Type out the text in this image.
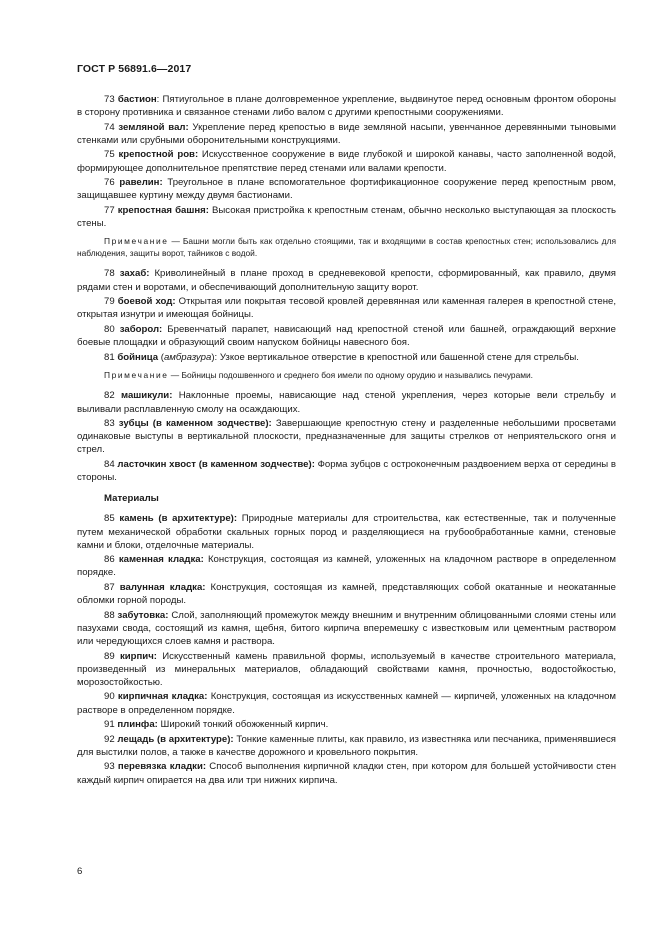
ГОСТ Р 56891.6—2017

73 бастион: Пятиугольное в плане долговременное укрепление, выдвинутое перед основным фронтом обороны в сторону противника и связанное стенами либо валом с другими крепостными сооружениями.

74 земляной вал: Укрепление перед крепостью в виде земляной насыпи, увенчанное деревянными тыновыми стенками или срубными оборонительными конструкциями.

75 крепостной ров: Искусственное сооружение в виде глубокой и широкой канавы, часто заполненной водой, формирующее дополнительное препятствие перед стенами или валами крепости.

76 равелин: Треугольное в плане вспомогательное фортификационное сооружение перед крепостным рвом, защищавшее куртину между двумя бастионами.

77 крепостная башня: Высокая пристройка к крепостным стенам, обычно несколько выступающая за плоскость стены.

Примечание — Башни могли быть как отдельно стоящими, так и входящими в состав крепостных стен; использовались для наблюдения, защиты ворот, тайников с водой.

78 захаб: Криволинейный в плане проход в средневековой крепости, сформированный, как правило, двумя рядами стен и воротами, и обеспечивающий дополнительную защиту ворот.

79 боевой ход: Открытая или покрытая тесовой кровлей деревянная или каменная галерея в крепостной стене, открытая изнутри и имеющая бойницы.

80 заборол: Бревенчатый парапет, нависающий над крепостной стеной или башней, ограждающий верхние боевые площадки и образующий своим напуском бойницы навесного боя.

81 бойница (амбразура): Узкое вертикальное отверстие в крепостной или башенной стене для стрельбы.

Примечание — Бойницы подошвенного и среднего боя имели по одному орудию и назывались печурами.

82 машикули: Наклонные проемы, нависающие над стеной укрепления, через которые вели стрельбу и выливали расплавленную смолу на осаждающих.

83 зубцы (в каменном зодчестве): Завершающие крепостную стену и разделенные небольшими просветами одинаковые выступы в вертикальной плоскости, предназначенные для защиты стрелков от неприятельского огня и стрел.

84 ласточкин хвост (в каменном зодчестве): Форма зубцов с остроконечным раздвоением верха от середины в стороны.

Материалы

85 камень (в архитектуре): Природные материалы для строительства, как естественные, так и полученные путем механической обработки скальных горных пород и разделяющиеся на грубообработанные камни, стеновые камни и блоки, отделочные материалы.

86 каменная кладка: Конструкция, состоящая из камней, уложенных на кладочном растворе в определенном порядке.

87 валунная кладка: Конструкция, состоящая из камней, представляющих собой окатанные и неокатанные обломки горной породы.

88 забутовка: Слой, заполняющий промежуток между внешним и внутренним облицованными слоями стены или пазухами свода, состоящий из камня, щебня, битого кирпича вперемешку с известковым или цементным раствором или чередующихся слоев камня и раствора.

89 кирпич: Искусственный камень правильной формы, используемый в качестве строительного материала, произведенный из минеральных материалов, обладающий свойствами камня, прочностью, водостойкостью, морозостойкостью.

90 кирпичная кладка: Конструкция, состоящая из искусственных камней — кирпичей, уложенных на кладочном растворе в определенном порядке.

91 плинфа: Широкий тонкий обожженный кирпич.

92 лещадь (в архитектуре): Тонкие каменные плиты, как правило, из известняка или песчаника, применявшиеся для выстилки полов, а также в качестве дорожного и кровельного покрытия.

93 перевязка кладки: Способ выполнения кирпичной кладки стен, при котором для большей устойчивости стен каждый кирпич опирается на два или три нижних кирпича.

6
